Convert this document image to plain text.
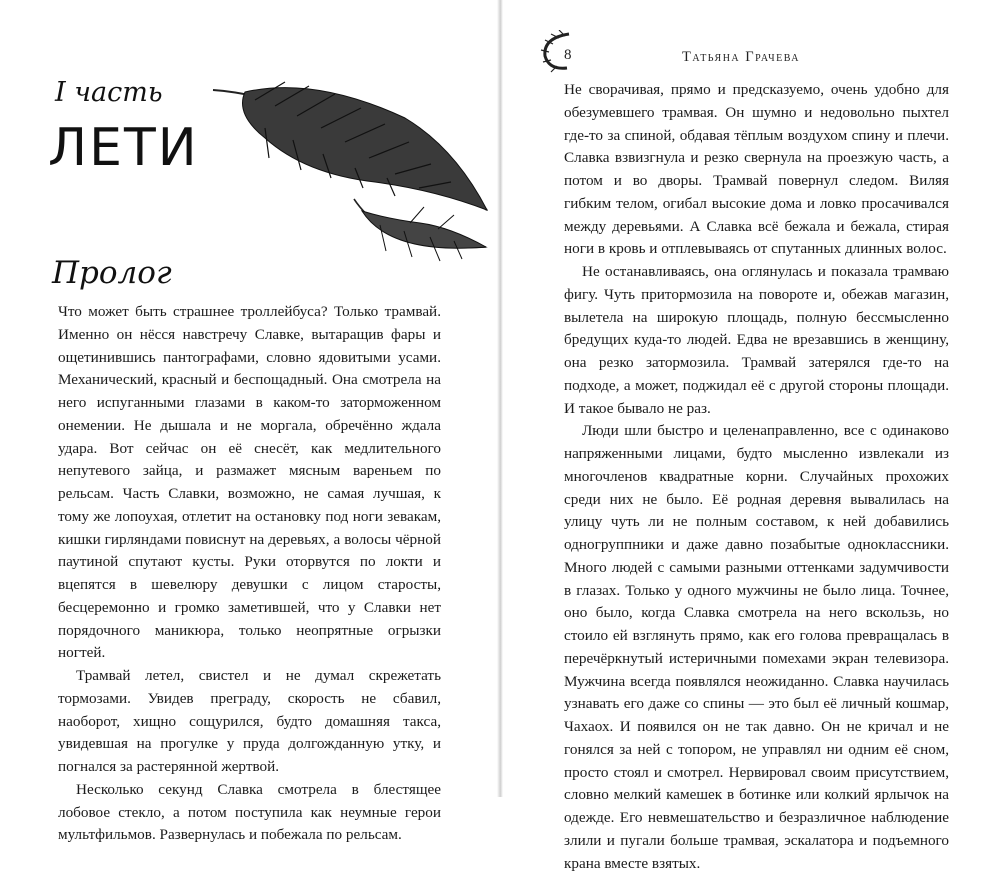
I часть
ЛЕТИ
Пролог

Что может быть страшнее троллейбуса? Только трамвай. Именно он нёсся навстречу Славке, вытаращив фары и ощетинившись пантографами, словно ядовитыми усами. Механический, красный и беспощадный. Она смотрела на него испуганными глазами в каком-то заторможенном онемении. Не дышала и не моргала, обречённо ждала удара. Вот сейчас он её снесёт, как медлительного непутевого зайца, и размажет мясным вареньем по рельсам. Часть Славки, возможно, не самая лучшая, к тому же лопоухая, отлетит на остановку под ноги зевакам, кишки гирляндами повиснут на деревьях, а волосы чёрной паутиной спутают кусты. Руки оторвутся по локти и вцепятся в шевелюру девушки с лицом старосты, бесцеремонно и громко заметившей, что у Славки нет порядочного маникюра, только неопрятные огрызки ногтей.

Трамвай летел, свистел и не думал скрежетать тормозами. Увидев преграду, скорость не сбавил, наоборот, хищно сощурился, будто домашняя такса, увидевшая на прогулке у пруда долгожданную утку, и погнался за растерянной жертвой.

Несколько секунд Славка смотрела в блестящее лобовое стекло, а потом поступила как неумные герои мультфильмов. Развернулась и побежала по рельсам.

8	Татьяна Грачева

Не сворачивая, прямо и предсказуемо, очень удобно для обезумевшего трамвая. Он шумно и недовольно пыхтел где-то за спиной, обдавая тёплым воздухом спину и плечи. Славка взвизгнула и резко свернула на проезжую часть, а потом и во дворы. Трамвай повернул следом. Виляя гибким телом, огибал высокие дома и ловко просачивался между деревьями. А Славка всё бежала и бежала, стирая ноги в кровь и отплевываясь от спутанных длинных волос.

Не останавливаясь, она оглянулась и показала трамваю фигу. Чуть притормозила на повороте и, обежав магазин, вылетела на широкую площадь, полную бессмысленно бредущих куда-то людей. Едва не врезавшись в женщину, она резко затормозила. Трамвай затерялся где-то на подходе, а может, поджидал её с другой стороны площади. И такое бывало не раз.

Люди шли быстро и целенаправленно, все с одинаково напряженными лицами, будто мысленно извлекали из многочленов квадратные корни. Случайных прохожих среди них не было. Её родная деревня вывалилась на улицу чуть ли не полным составом, к ней добавились одногруппники и даже давно позабытые одноклассники. Много людей с самыми разными оттенками задумчивости в глазах. Только у одного мужчины не было лица. Точнее, оно было, когда Славка смотрела на него вскользь, но стоило ей взглянуть прямо, как его голова превращалась в перечёркнутый истеричными помехами экран телевизора. Мужчина всегда появлялся неожиданно. Славка научилась узнавать его даже со спины — это был её личный кошмар, Чахаох. И появился он не так давно. Он не кричал и не гонялся за ней с топором, не управлял ни одним её сном, просто стоял и смотрел. Нервировал своим присутствием, словно мелкий камешек в ботинке или колкий ярлычок на одежде. Его невмешательство и безразличное наблюдение злили и пугали больше трамвая, эскалатора и подъемного крана вместе взятых.
